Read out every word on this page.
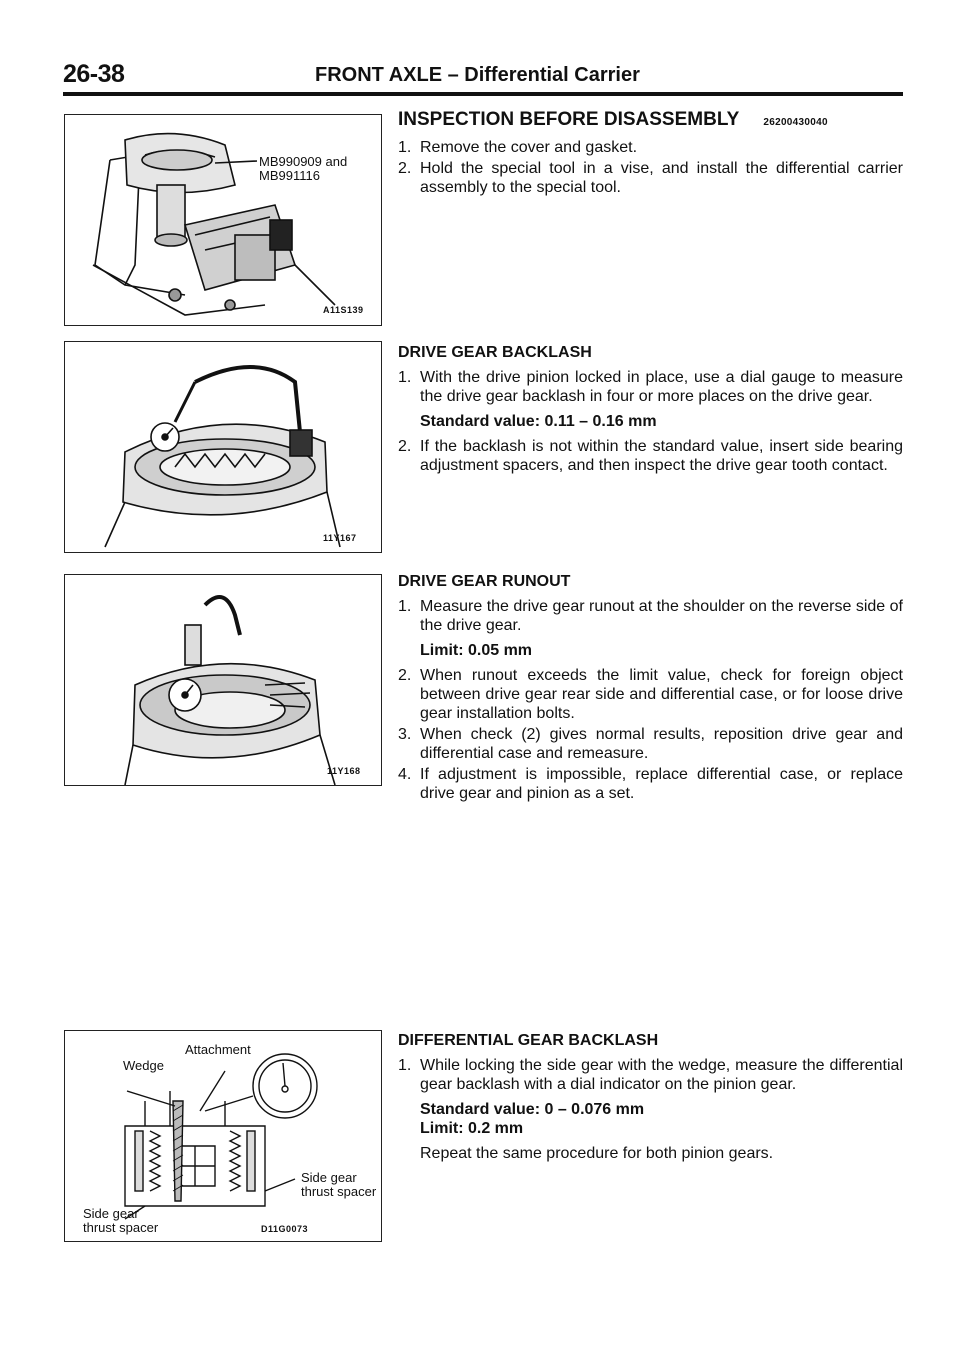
26-38	FRONT AXLE – Differential Carrier
MB990909 and
MB991116
A11S139
11Y167
11Y168
Attachment
Wedge
Side gear
thrust spacer
Side gear
thrust spacer	D11G0073
INSPECTION BEFORE DISASSEMBLY 26200430040
1. Remove the cover and gasket.
2. Hold the special tool in a vise, and install the differential carrier assembly to the special tool.
DRIVE GEAR BACKLASH
1. With the drive pinion locked in place, use a dial gauge to measure the drive gear backlash in four or more places on the drive gear.
Standard value: 0.11 – 0.16 mm
2. If the backlash is not within the standard value, insert side bearing adjustment spacers, and then inspect the drive gear tooth contact.
DRIVE GEAR RUNOUT
1. Measure the drive gear runout at the shoulder on the reverse side of the drive gear.
Limit: 0.05 mm
2. When runout exceeds the limit value, check for foreign object between drive gear rear side and differential case, or for loose drive gear installation bolts.
3. When check (2) gives normal results, reposition drive gear and differential case and remeasure.
4. If adjustment is impossible, replace differential case, or replace drive gear and pinion as a set.
DIFFERENTIAL GEAR BACKLASH
1. While locking the side gear with the wedge, measure the differential gear backlash with a dial indicator on the pinion gear.
Standard value: 0 – 0.076 mm
Limit: 0.2 mm
Repeat the same procedure for both pinion gears.
